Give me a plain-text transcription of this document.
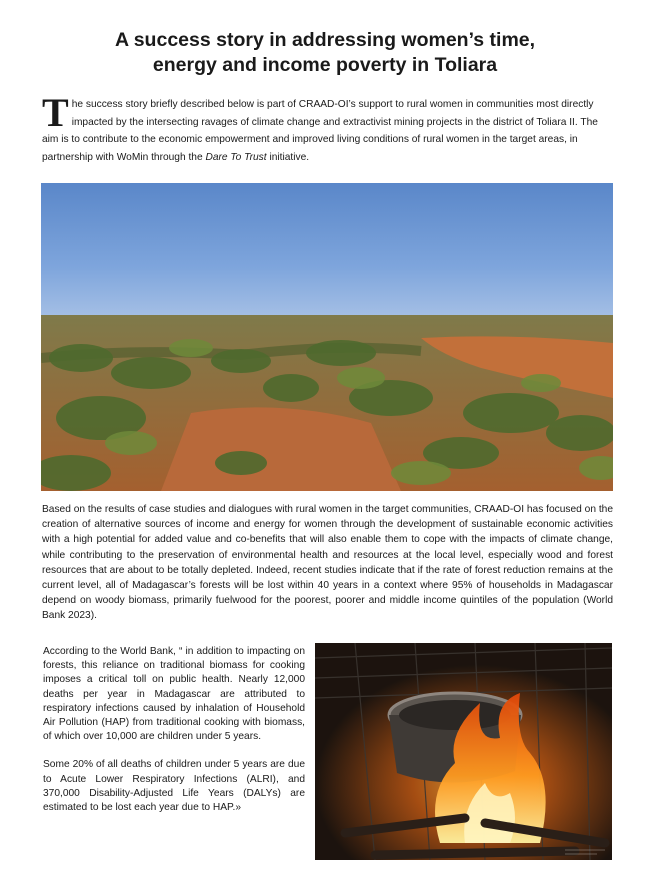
A success story in addressing women’s time,
energy and income poverty in Toliara

The success story briefly described below is part of CRAAD-OI’s support to rural women in communities most directly impacted by the intersecting ravages of climate change and extractivist mining projects in the district of Toliara II. The aim is to contribute to the economic empowerment and improved living conditions of rural women in the target areas, in partnership with WoMin through the Dare To Trust initiative.

Based on the results of case studies and dialogues with rural women in the target communities, CRAAD-OI has focused on the creation of alternative sources of income and energy for women through the development of sustainable economic activities with a high potential for added value and co-benefits that will also enable them to cope with the impacts of climate change, while contributing to the preservation of environmental health and resources at the local level, especially wood and forest resources that are about to be totally depleted. Indeed, recent studies indicate that if the rate of forest reduction remains at the current level, all of Madagascar’s forests will be lost within 40 years in a context where 95% of households in Madagascar depend on woody biomass, primarily fuelwood for the poorest, poorer and middle income quintiles of the population (World Bank 2023).

According to the World Bank, “ in addition to impacting on forests, this reliance on traditional biomass for cooking imposes a critical toll on public health. Nearly 12,000 deaths per year in Madagascar are attributed to respiratory infections caused by inhalation of Household Air Pollution (HAP) from traditional cooking with biomass, of which over 10,000 are children under 5 years.

Some 20% of all deaths of children under 5 years are due to Acute Lower Respiratory Infections (ALRI), and 370,000 Disability-Adjusted Life Years (DALYs) are estimated to be lost each year due to HAP.»
